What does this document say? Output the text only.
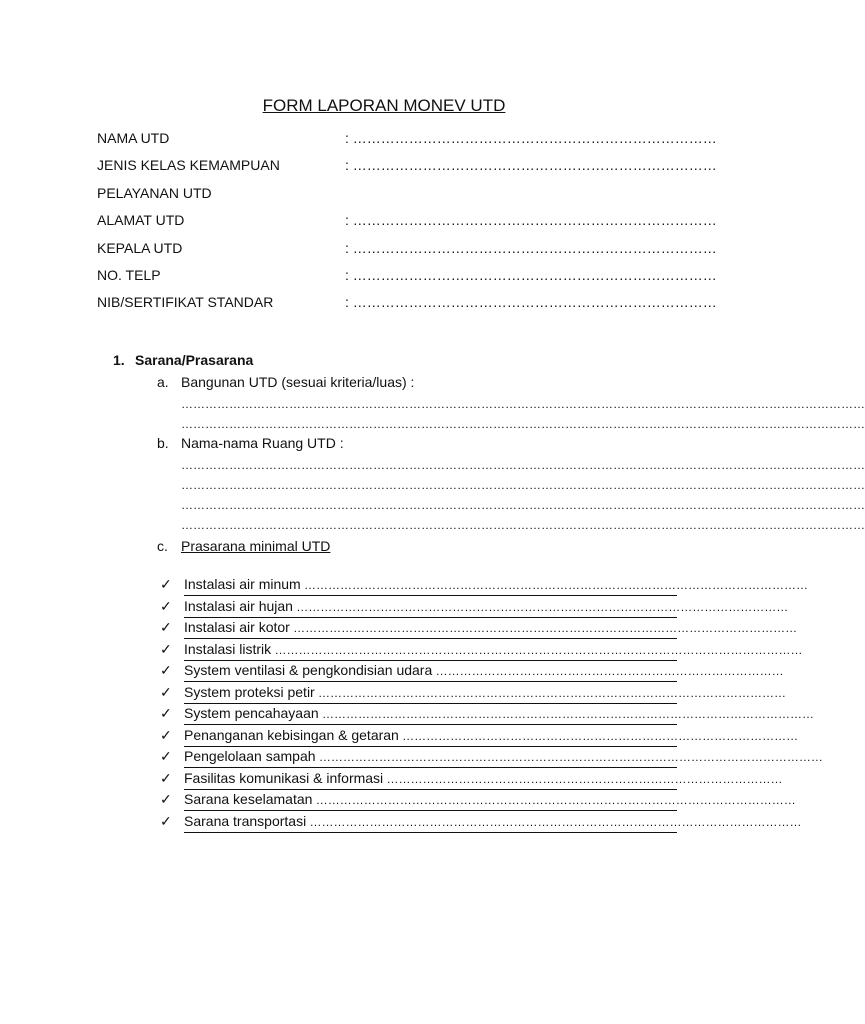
FORM LAPORAN MONEV UTD
NAMA UTD	: ……………………………………………………………………
JENIS KELAS KEMAMPUAN	: ……………………………………………………………………
PELAYANAN UTD
ALAMAT UTD	: ……………………………………………………………………
KEPALA UTD	: ……………………………………………………………………
NO. TELP	: ……………………………………………………………………
NIB/SERTIFIKAT STANDAR	: ……………………………………………………………………
1. Sarana/Prasarana
a. Bangunan UTD (sesuai kriteria/luas) :
………………………………………………………………………………………………………………………………………………………
………………………………………………………………………………………………………………………………………………………
b. Nama-nama Ruang UTD :
………………………………………………………………………………………………………………………………………………………
………………………………………………………………………………………………………………………………………………………
………………………………………………………………………………………………………………………………………………………
………………………………………………………………………………………………………………………………………………………
c. Prasarana minimal UTD
✓ Instalasi air minum ………………………………………………………………………………………………………………
✓ Instalasi air hujan ……………………………………………………………………………………………………………
✓ Instalasi air kotor ………………………………………………………………………………………………………………
✓ Instalasi listrik ……………………………………………………………………………………………………………………
✓ System ventilasi & pengkondisian udara ……………………………………………………………………………
✓ System proteksi petir ………………………………………………………………………………………………………
✓ System pencahayaan ……………………………………………………………………………………………………………
✓ Penanganan kebisingan & getaran ………………………………………………………………………………………
✓ Pengelolaan sampah ………………………………………………………………………………………………………………
✓ Fasilitas komunikasi & informasi ………………………………………………………………………………………
✓ Sarana keselamatan …………………………………………………………………………………………………………
✓ Sarana transportasi ……………………………………………………………………………………………………………
